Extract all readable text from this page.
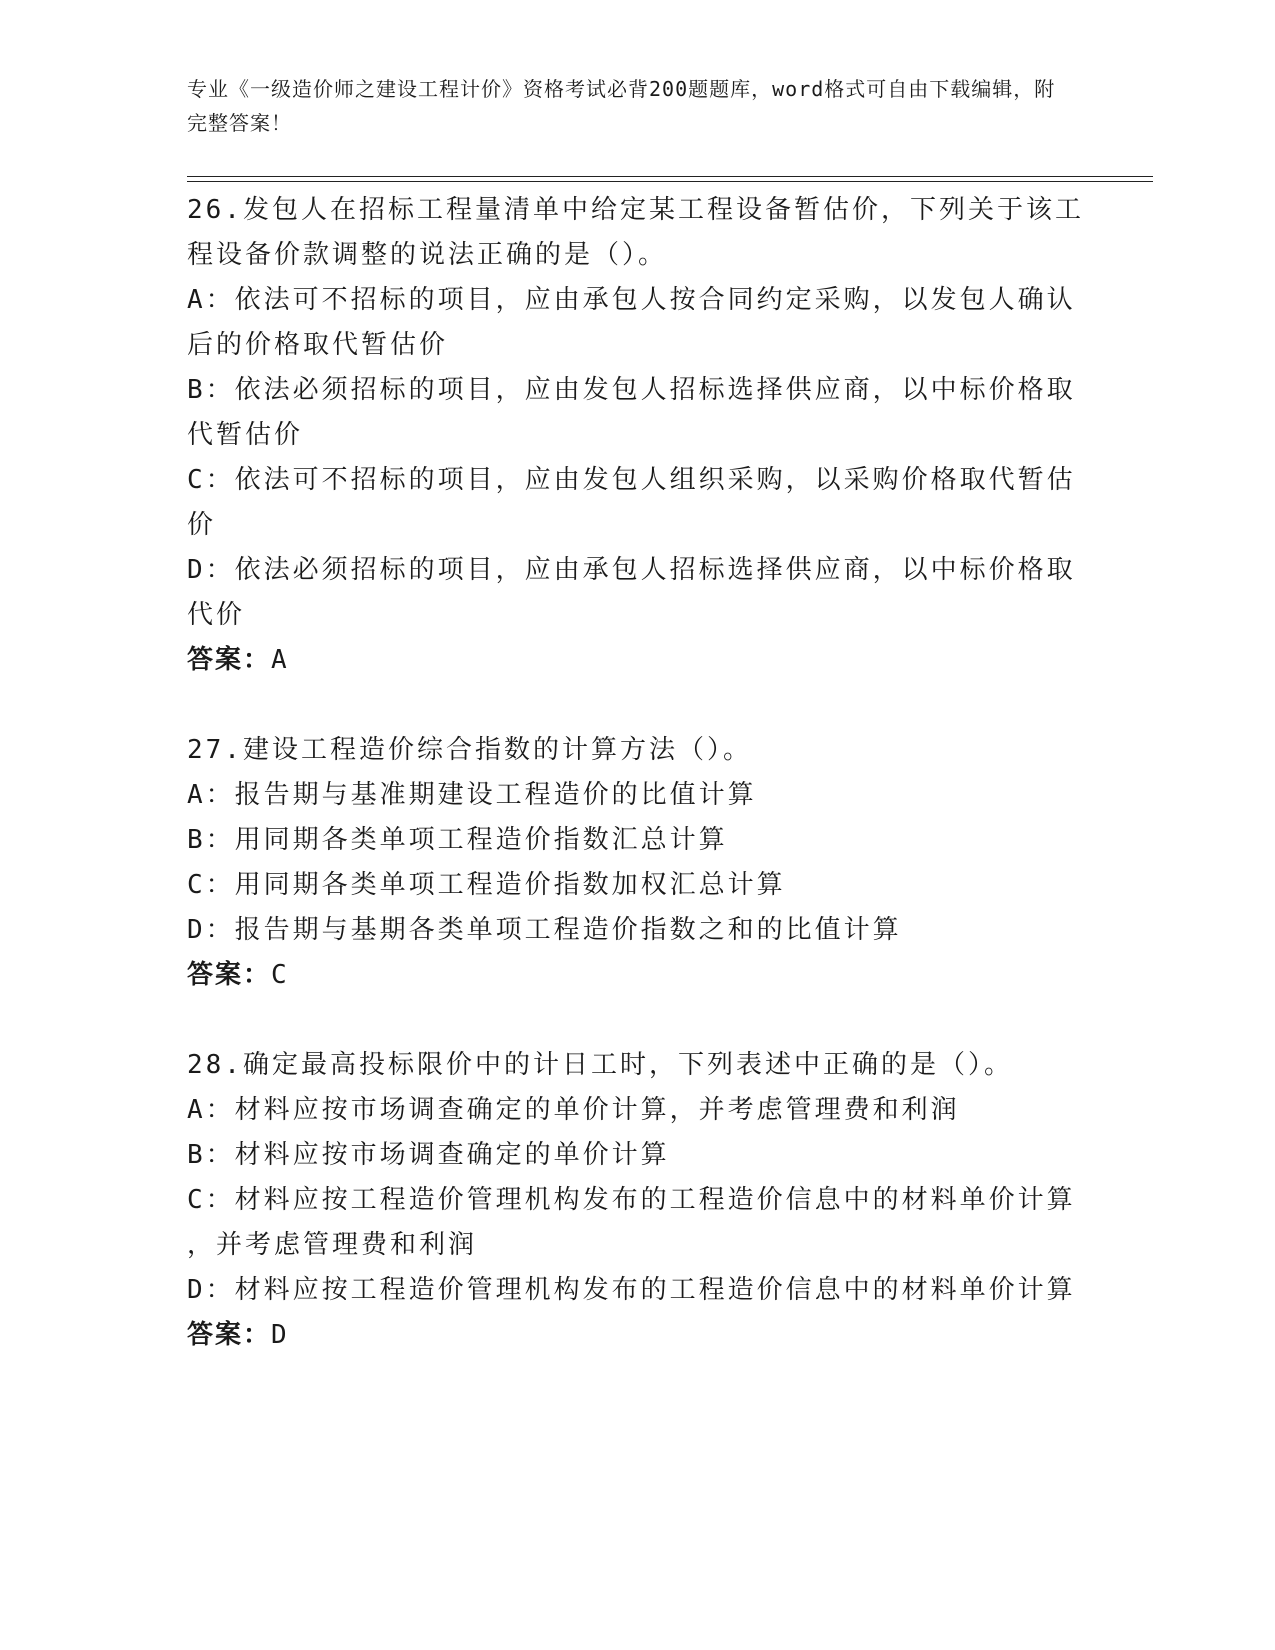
专业《一级造价师之建设工程计价》资格考试必背200题题库，word格式可自由下载编辑，附完整答案！
26.发包人在招标工程量清单中给定某工程设备暂估价，下列关于该工
程设备价款调整的说法正确的是（）。
A：依法可不招标的项目，应由承包人按合同约定采购，以发包人确认
后的价格取代暂估价
B：依法必须招标的项目，应由发包人招标选择供应商，以中标价格取
代暂估价
C：依法可不招标的项目，应由发包人组织采购，以采购价格取代暂估
价
D：依法必须招标的项目，应由承包人招标选择供应商，以中标价格取
代价
答案：A
27.建设工程造价综合指数的计算方法（）。
A：报告期与基准期建设工程造价的比值计算
B：用同期各类单项工程造价指数汇总计算
C：用同期各类单项工程造价指数加权汇总计算
D：报告期与基期各类单项工程造价指数之和的比值计算
答案：C
28.确定最高投标限价中的计日工时，下列表述中正确的是（）。
A：材料应按市场调查确定的单价计算，并考虑管理费和利润
B：材料应按市场调查确定的单价计算
C：材料应按工程造价管理机构发布的工程造价信息中的材料单价计算
，并考虑管理费和利润
D：材料应按工程造价管理机构发布的工程造价信息中的材料单价计算
答案：D
